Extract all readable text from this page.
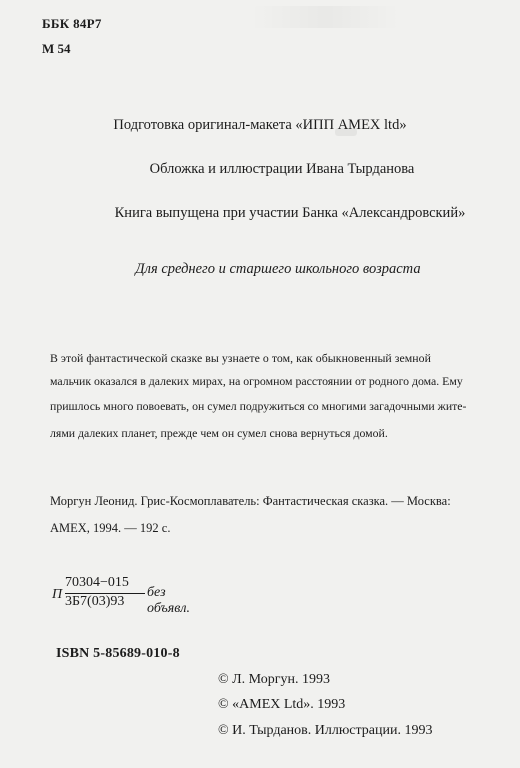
ББК 84Р7

М 54

Подготовка оригинал-макета «ИПП АМЕХ ltd»

Обложка и иллюстрации Ивана Тырданова

Книга выпущена при участии Банка «Александровский»

Для среднего и старшего школьного возраста

В этой фантастической сказке вы узнаете о том, как обыкновенный земной

мальчик оказался в далеких мирах, на огромном расстоянии от родного дома. Ему

пришлось много повоевать, он сумел подружиться со многими загадочными жите-

лями далеких планет, прежде чем он сумел снова вернуться домой.

Моргун Леонид. Грис-Космоплаватель: Фантастическая сказка. — Москва:

АМЕХ, 1994. — 192 с.

П
70304−015
3Б7(03)93
без объявл.

ISBN 5-85689-010-8

© Л. Моргун. 1993

© «АМЕХ Ltd». 1993

© И. Тырданов. Иллюстрации. 1993
